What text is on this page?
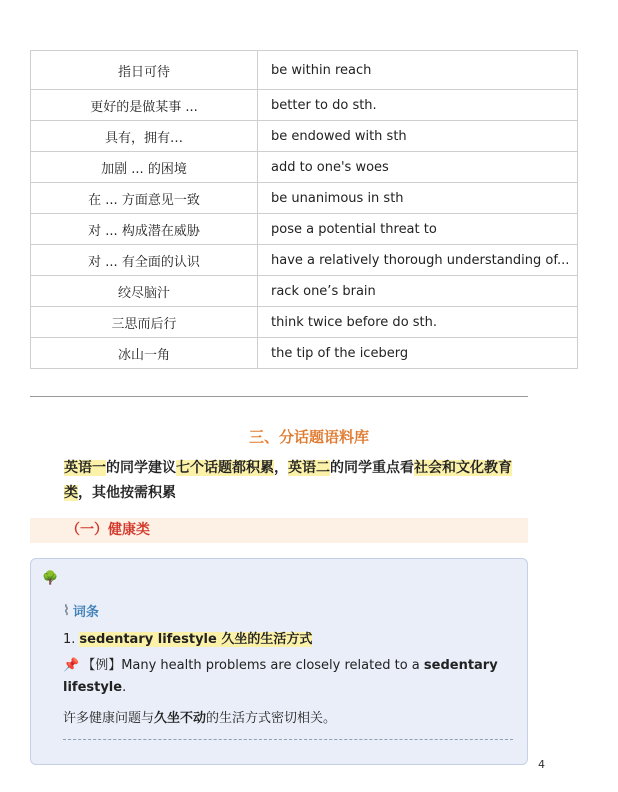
指日可待	be within reach
更好的是做某事 ...	better to do sth.
具有，拥有…	be endowed with sth
加剧 ... 的困境	add to one's woes
在 ... 方面意见一致	be unanimous in sth
对 ... 构成潜在威胁	pose a potential threat to
对 ... 有全面的认识	have a relatively thorough understanding of...
绞尽脑汁	rack one’s brain
三思而后行	think twice before do sth.
冰山一角	the tip of the iceberg
三、分话题语料库
英语一的同学建议七个话题都积累，英语二的同学重点看社会和文化教育类，其他按需积累
（一）健康类
🌳
⌇ 词条
1. sedentary lifestyle 久坐的生活方式
📌 【例】Many health problems are closely related to a sedentary lifestyle.
许多健康问题与久坐不动的生活方式密切相关。
4
